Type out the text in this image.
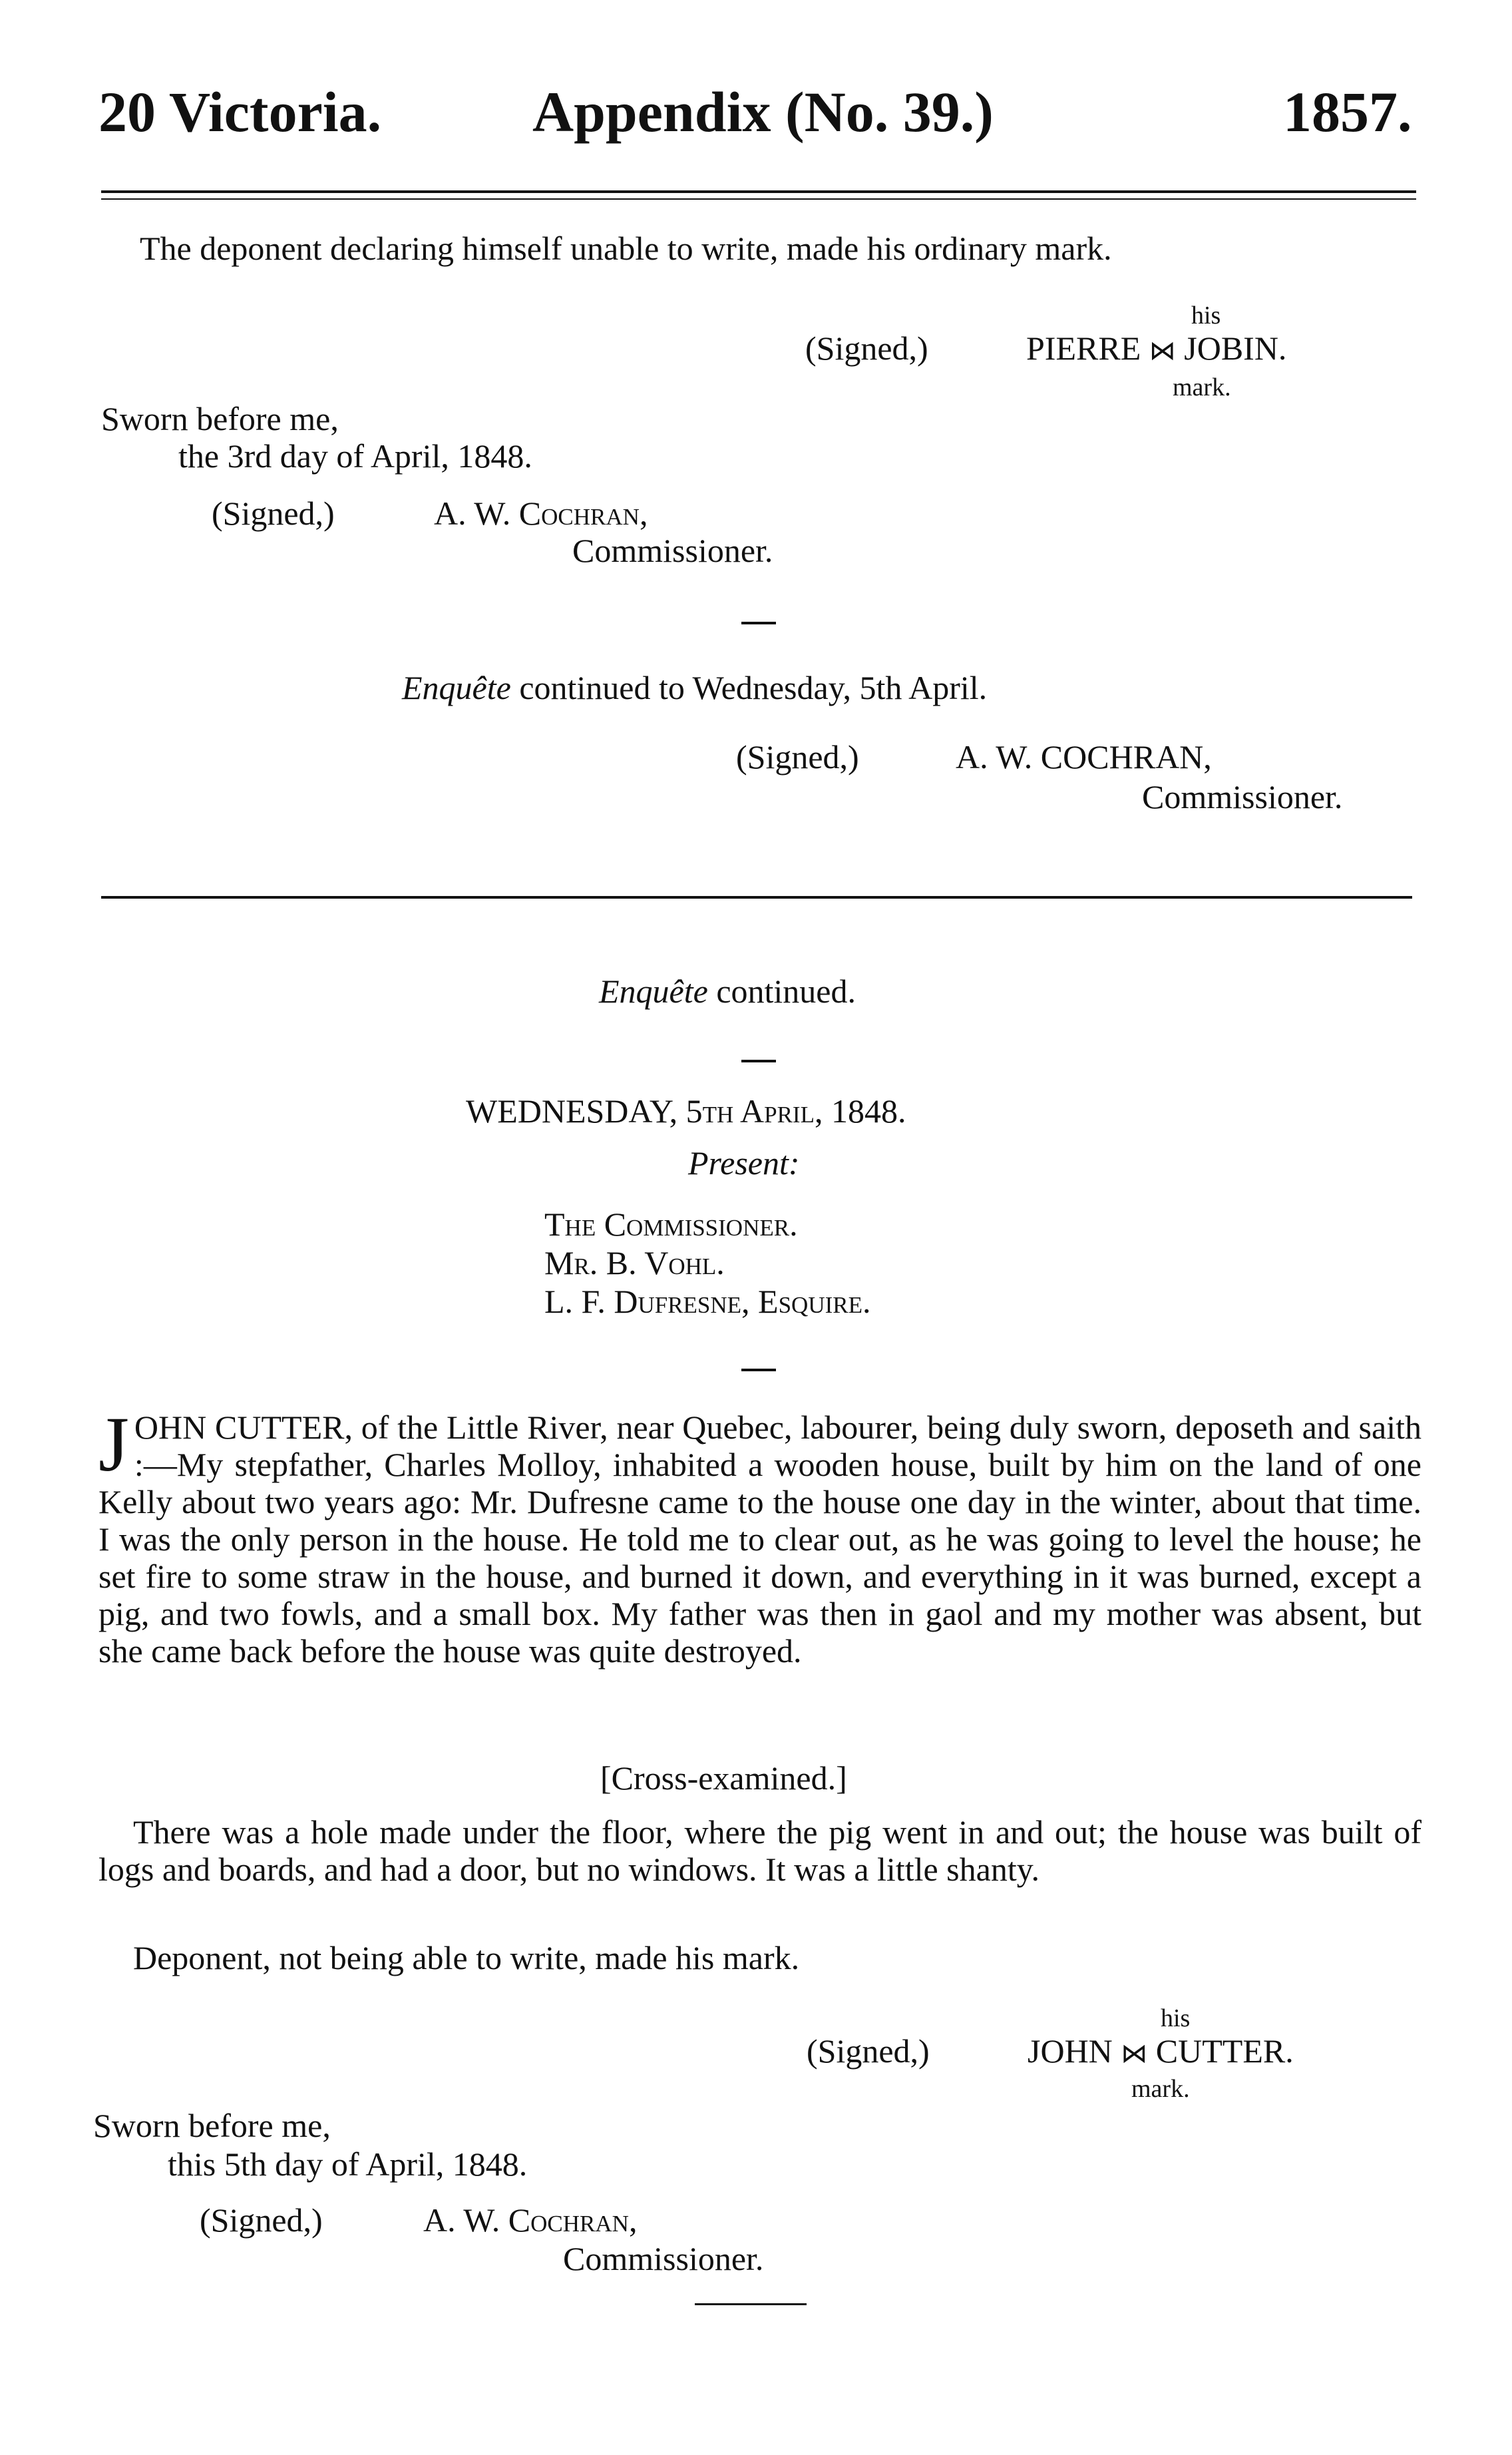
20 Victoria.	Appendix (No. 39.)	1857.
The deponent declaring himself unable to write, made his ordinary mark.
his
(Signed,)	PIERRE ⋈ JOBIN.
mark.
Sworn before me,
the 3rd day of April, 1848.
(Signed,)	A. W. Cochran,
Commissioner.
Enquête continued to Wednesday, 5th April.
(Signed,)	A. W. COCHRAN,
Commissioner.
Enquête continued.
WEDNESDAY, 5th April, 1848.
Present:
The Commissioner.
Mr. B. Vohl.
L. F. Dufresne, Esquire.
J OHN CUTTER, of the Little River, near Quebec, labourer, being duly sworn, deposeth and saith :—My stepfather, Charles Molloy, inhabited a wooden house, built by him on the land of one Kelly about two years ago: Mr. Dufresne came to the house one day in the winter, about that time. I was the only person in the house. He told me to clear out, as he was going to level the house; he set fire to some straw in the house, and burned it down, and everything in it was burned, except a pig, and two fowls, and a small box. My father was then in gaol and my mother was absent, but she came back before the house was quite destroyed.
[Cross-examined.]
There was a hole made under the floor, where the pig went in and out; the house was built of logs and boards, and had a door, but no windows. It was a little shanty.
Deponent, not being able to write, made his mark.
his
(Signed,)	JOHN ⋈ CUTTER.
mark.
Sworn before me,
this 5th day of April, 1848.
(Signed,)	A. W. Cochran,
Commissioner.
